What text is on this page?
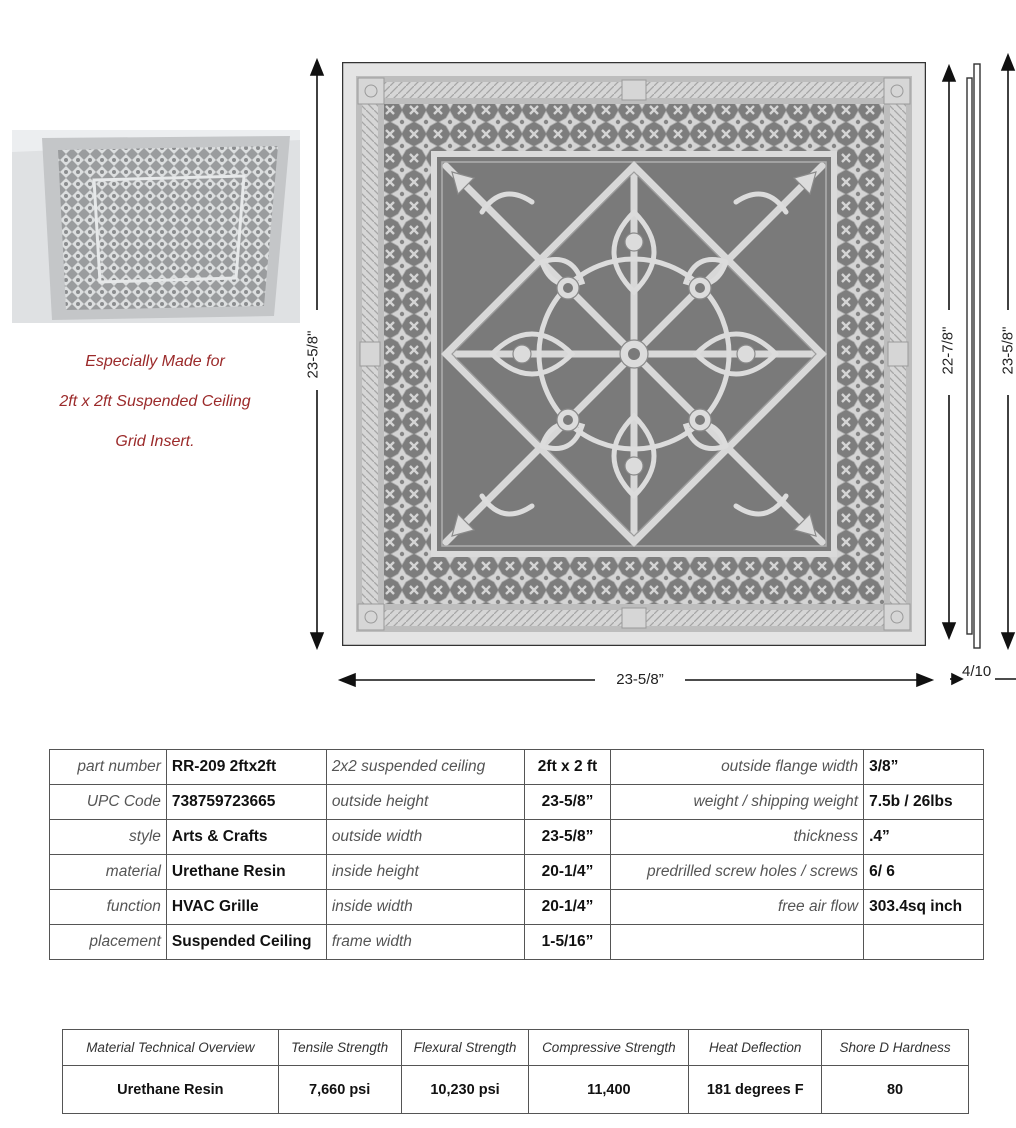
Especially Made for
2ft x 2ft Suspended Ceiling
Grid Insert.
23-5/8"
23-5/8”
22-7/8"	23-5/8"
4/10
part number	RR-209 2ftx2ft	2x2 suspended ceiling	2ft x 2 ft	outside flange width	3/8”
UPC Code	738759723665	outside height	23-5/8”	weight / shipping weight	7.5b / 26lbs
style	Arts & Crafts	outside width	23-5/8”	thickness	.4”
material	Urethane Resin	inside height	20-1/4”	predrilled screw holes / screws	6/ 6
function	HVAC Grille	inside width	20-1/4”	free air flow	303.4sq inch
placement	Suspended Ceiling	frame width	1-5/16”		
Material Technical Overview	Tensile Strength	Flexural Strength	Compressive Strength	Heat Deflection	Shore D Hardness
Urethane Resin	7,660 psi	10,230 psi	11,400	181 degrees F	80
